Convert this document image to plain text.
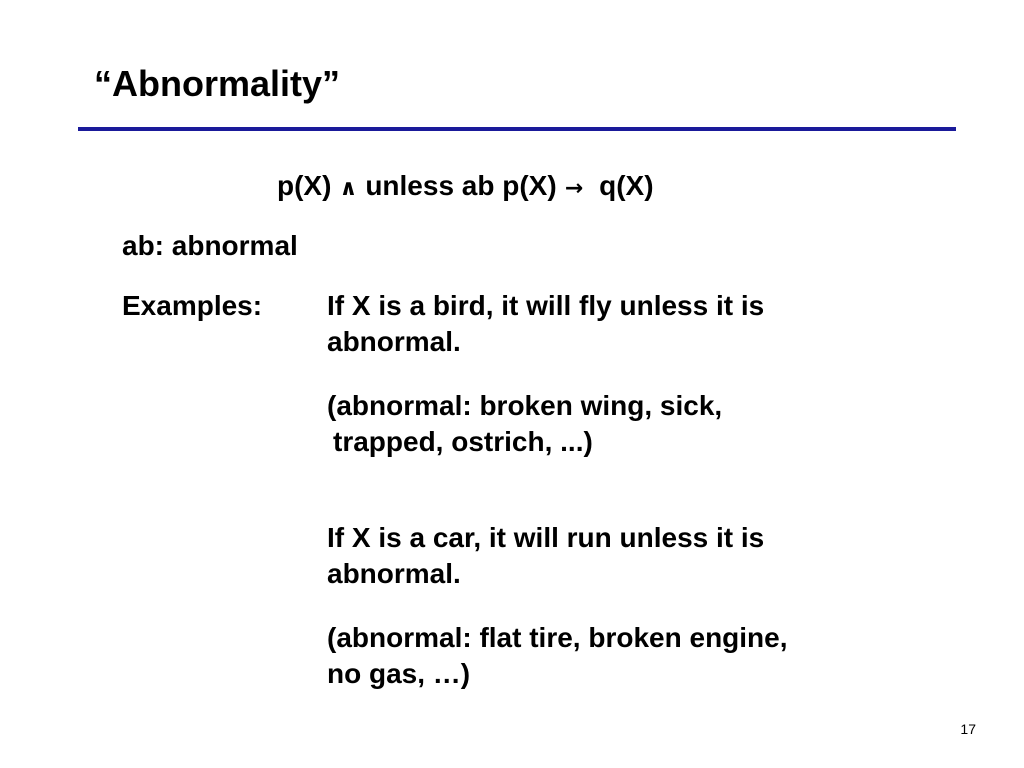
“Abnormality”
p(X) ∧ unless ab p(X) → q(X)
ab: abnormal
Examples: If X is a bird, it will fly unless it is
abnormal.
(abnormal: broken wing, sick,
trapped, ostrich, ...)
If X is a car, it will run unless it is
abnormal.
(abnormal: flat tire, broken engine,
no gas, …)
17
